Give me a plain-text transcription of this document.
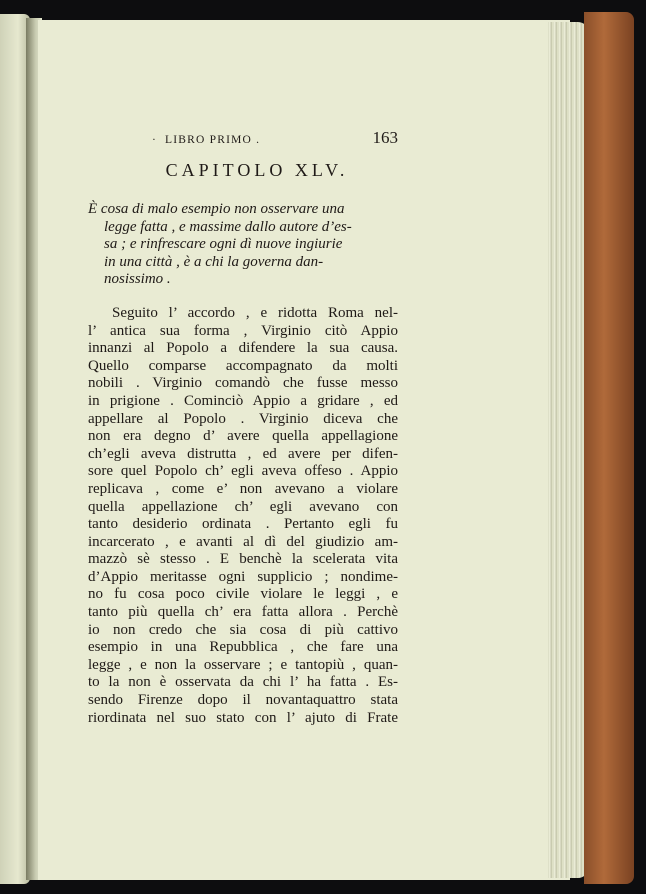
· LIBRO PRIMO .	163
CAPITOLO XLV.
È cosa di malo esempio non osservare una
legge fatta , e massime dallo autore d’es-
sa ; e rinfrescare ogni dì nuove ingiurie
in una città , è a chi la governa dan-
nosissimo .
Seguito l’ accordo , e ridotta Roma nel-
l’ antica sua forma , Virginio citò Appio
innanzi al Popolo a difendere la sua causa.
Quello comparse accompagnato da molti
nobili . Virginio comandò che fusse messo
in prigione . Cominciò Appio a gridare , ed
appellare al Popolo . Virginio diceva che
non era degno d’ avere quella appellagione
ch’egli aveva distrutta , ed avere per difen-
sore quel Popolo ch’ egli aveva offeso . Appio
replicava , come e’ non avevano a violare
quella appellazione ch’ egli avevano con
tanto desiderio ordinata . Pertanto egli fu
incarcerato , e avanti al dì del giudizio am-
mazzò sè stesso . E benchè la scelerata vita
d’Appio meritasse ogni supplicio ; nondime-
no fu cosa poco civile violare le leggi , e
tanto più quella ch’ era fatta allora . Perchè
io non credo che sia cosa di più cattivo
esempio in una Repubblica , che fare una
legge , e non la osservare ; e tantopiù , quan-
to la non è osservata da chi l’ ha fatta . Es-
sendo Firenze dopo il novantaquattro stata
riordinata nel suo stato con l’ ajuto di Frate
